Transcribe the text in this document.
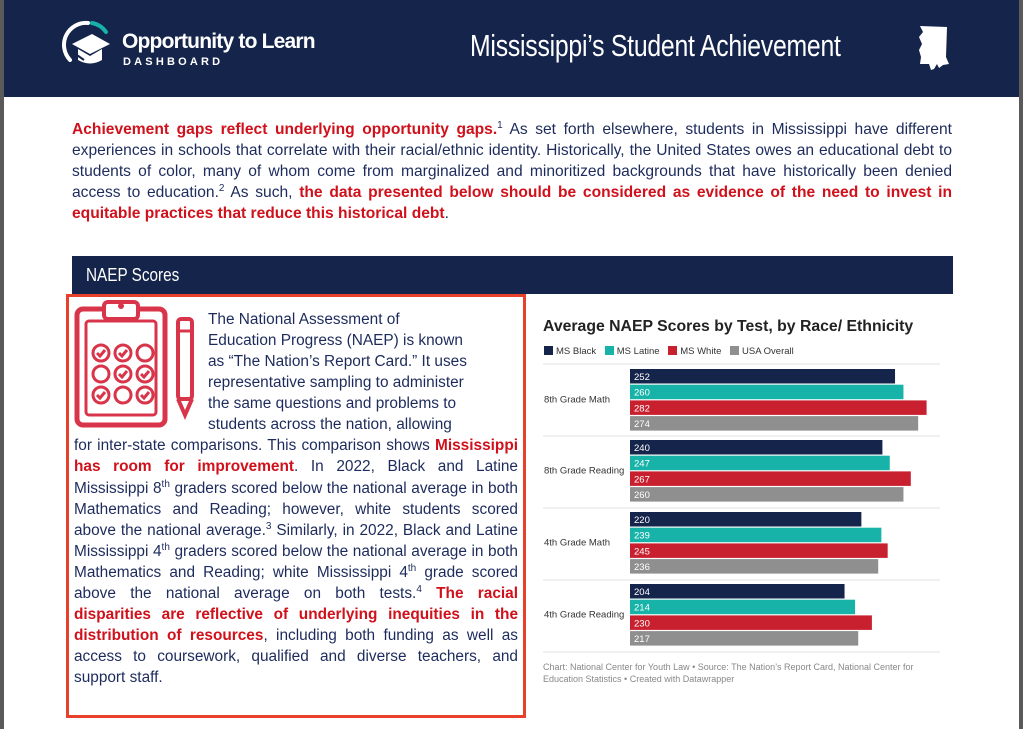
Opportunity to Learn
DASHBOARD	Mississippi’s Student Achievement
Achievement gaps reflect underlying opportunity gaps.$^1$ As set forth elsewhere, students in Mississippi have different experiences in schools that correlate with their racial/ethnic identity. Historically, the United States owes an educational debt to students of color, many of whom come from marginalized and minoritized backgrounds that have historically been denied access to education.$^2$ As such, the data presented below should be considered as evidence of the need to invest in equitable practices that reduce this historical debt.
NAEP Scores
The National Assessment of
Education Progress (NAEP) is known
as “The Nation’s Report Card.” It uses
representative sampling to administer
the same questions and problems to
students across the nation, allowing
for inter-state comparisons. This comparison shows Mississippi has room for improvement. In 2022, Black and Latine Mississippi 8th graders scored below the national average in both Mathematics and Reading; however, white students scored above the national average.$^3$ Similarly, in 2022, Black and Latine Mississippi 4th graders scored below the national average in both Mathematics and Reading; white Mississippi 4th grade scored above the national average on both tests.$^4$ The racial disparities are reflective of underlying inequities in the distribution of resources, including both funding as well as access to coursework, qualified and diverse teachers, and support staff.
Average NAEP Scores by Test, by Race/ Ethnicity
MS Black MS Latine MS White USA Overall
8th Grade Math
252
260
282
274
8th Grade Reading
240
247
267
260
4th Grade Math
220
239
245
236
4th Grade Reading
204
214
230
217
Chart: National Center for Youth Law • Source: The Nation’s Report Card, National Center for Education Statistics • Created with Datawrapper
